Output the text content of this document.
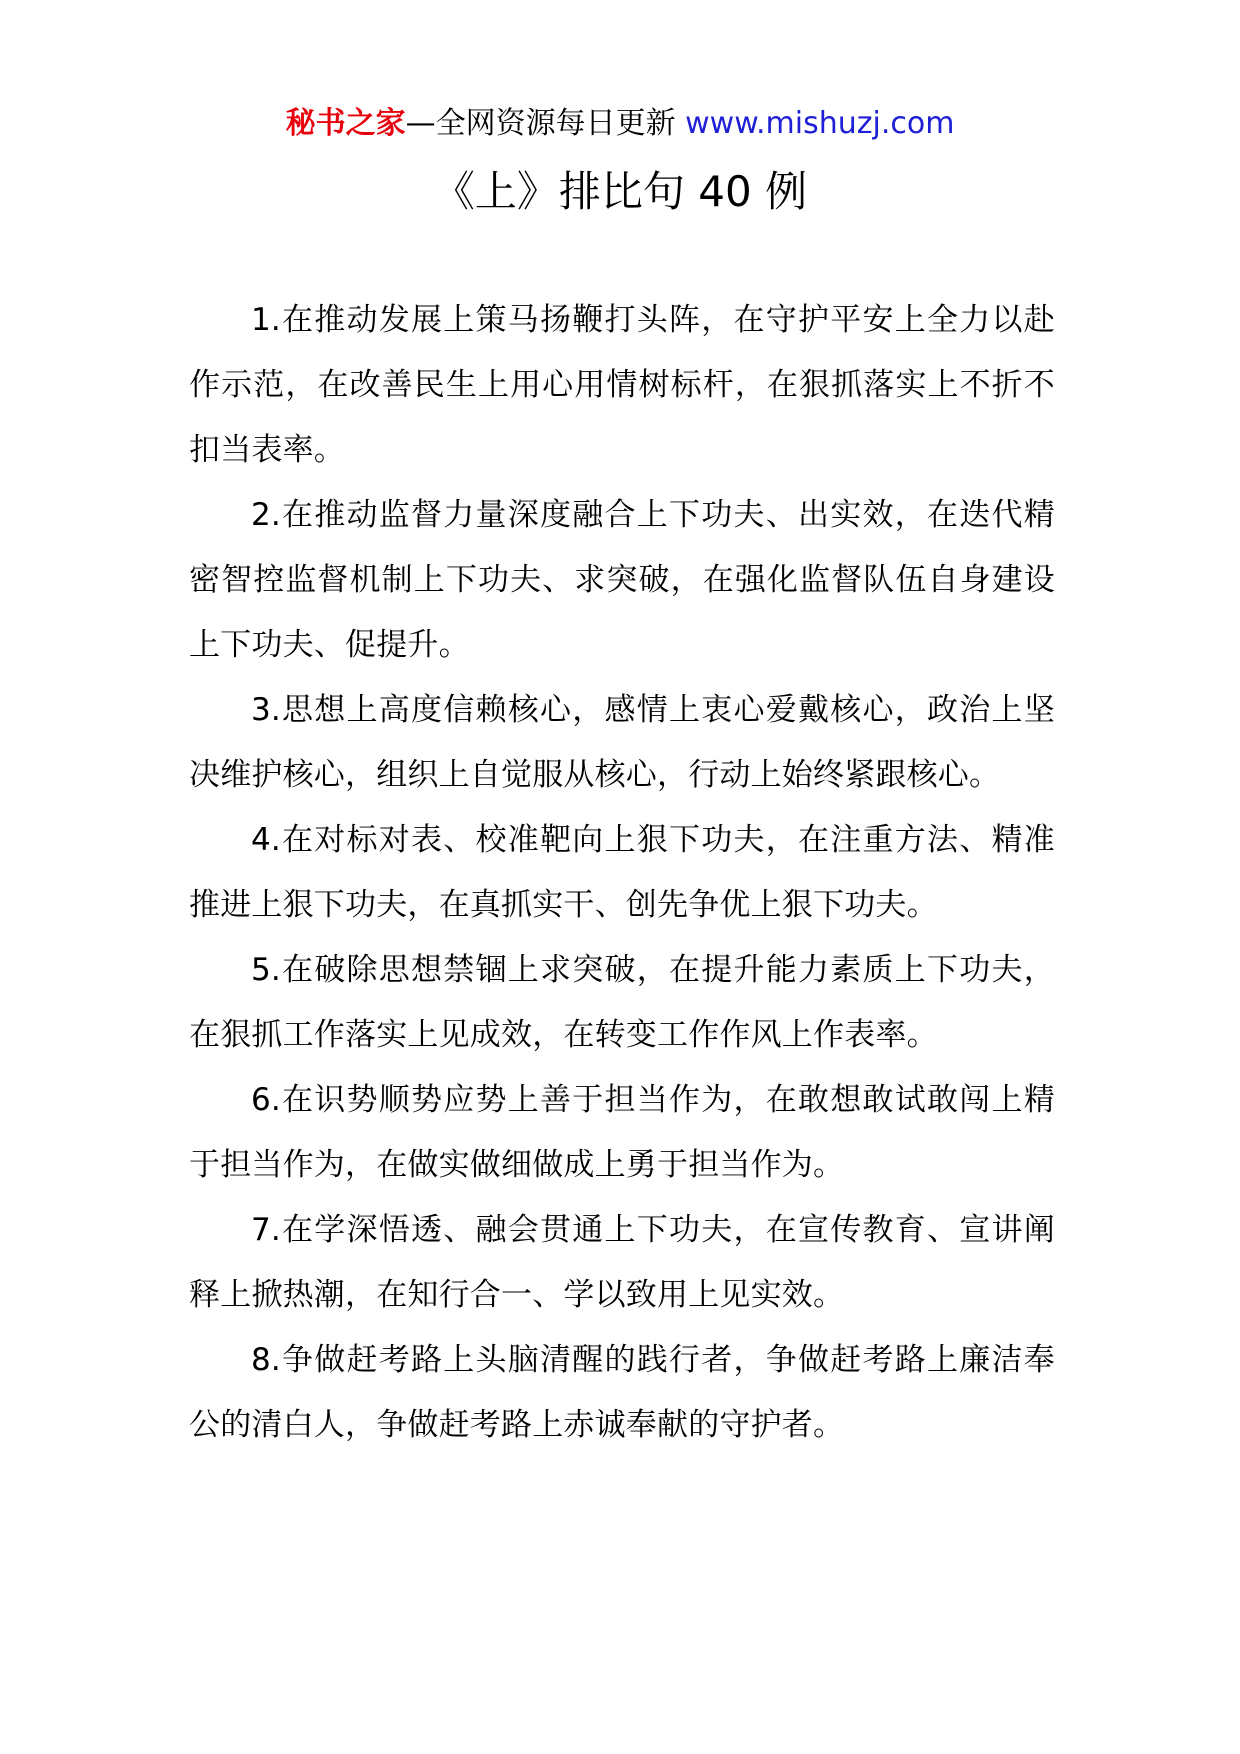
秘书之家—全网资源每日更新 www.mishuzj.com
《上》排比句 40 例

1.在推动发展上策马扬鞭打头阵，在守护平安上全力以赴作示范，在改善民生上用心用情树标杆，在狠抓落实上不折不扣当表率。

2.在推动监督力量深度融合上下功夫、出实效，在迭代精密智控监督机制上下功夫、求突破，在强化监督队伍自身建设上下功夫、促提升。

3.思想上高度信赖核心，感情上衷心爱戴核心，政治上坚决维护核心，组织上自觉服从核心，行动上始终紧跟核心。

4.在对标对表、校准靶向上狠下功夫，在注重方法、精准推进上狠下功夫，在真抓实干、创先争优上狠下功夫。

5.在破除思想禁锢上求突破，在提升能力素质上下功夫，在狠抓工作落实上见成效，在转变工作作风上作表率。

6.在识势顺势应势上善于担当作为，在敢想敢试敢闯上精于担当作为，在做实做细做成上勇于担当作为。

7.在学深悟透、融会贯通上下功夫，在宣传教育、宣讲阐释上掀热潮，在知行合一、学以致用上见实效。

8.争做赶考路上头脑清醒的践行者，争做赶考路上廉洁奉公的清白人，争做赶考路上赤诚奉献的守护者。
